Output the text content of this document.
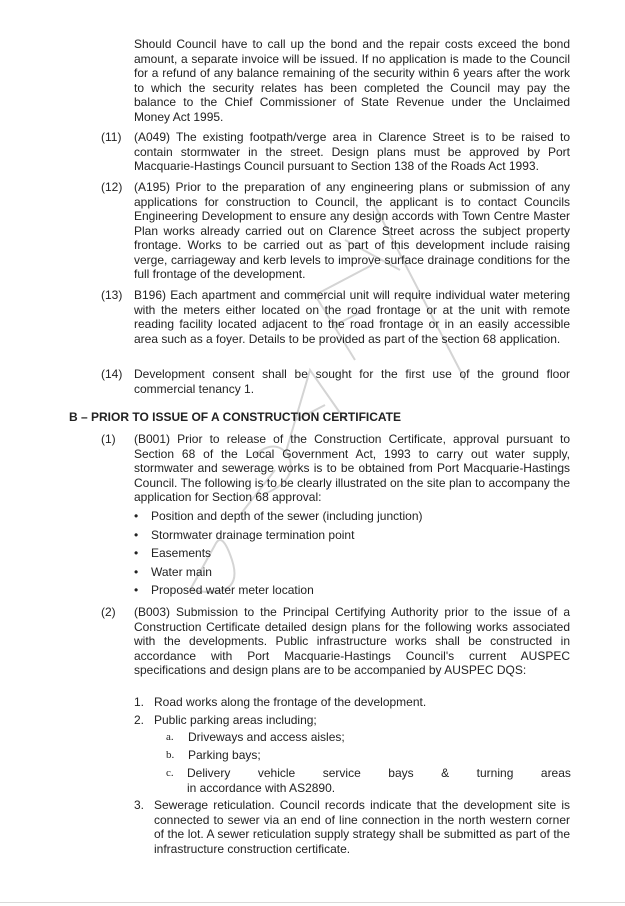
Should Council have to call up the bond and the repair costs exceed the bond amount, a separate invoice will be issued. If no application is made to the Council for a refund of any balance remaining of the security within 6 years after the work to which the security relates has been completed the Council may pay the balance to the Chief Commissioner of State Revenue under the Unclaimed Money Act 1995.
(11) (A049) The existing footpath/verge area in Clarence Street is to be raised to contain stormwater in the street. Design plans must be approved by Port Macquarie-Hastings Council pursuant to Section 138 of the Roads Act 1993.
(12) (A195) Prior to the preparation of any engineering plans or submission of any applications for construction to Council, the applicant is to contact Councils Engineering Development to ensure any design accords with Town Centre Master Plan works already carried out on Clarence Street across the subject property frontage. Works to be carried out as part of this development include raising verge, carriageway and kerb levels to improve surface drainage conditions for the full frontage of the development.
(13) B196) Each apartment and commercial unit will require individual water metering with the meters either located on the road frontage or at the unit with remote reading facility located adjacent to the road frontage or in an easily accessible area such as a foyer. Details to be provided as part of the section 68 application.
(14) Development consent shall be sought for the first use of the ground floor commercial tenancy 1.
B – PRIOR TO ISSUE OF A CONSTRUCTION CERTIFICATE
(1) (B001) Prior to release of the Construction Certificate, approval pursuant to Section 68 of the Local Government Act, 1993 to carry out water supply, stormwater and sewerage works is to be obtained from Port Macquarie-Hastings Council. The following is to be clearly illustrated on the site plan to accompany the application for Section 68 approval:
• Position and depth of the sewer (including junction)
• Stormwater drainage termination point
• Easements
• Water main
• Proposed water meter location
(2) (B003) Submission to the Principal Certifying Authority prior to the issue of a Construction Certificate detailed design plans for the following works associated with the developments. Public infrastructure works shall be constructed in accordance with Port Macquarie-Hastings Council's current AUSPEC specifications and design plans are to be accompanied by AUSPEC DQS:
1. Road works along the frontage of the development.
2. Public parking areas including;
a. Driveways and access aisles;
b. Parking bays;
c. Delivery vehicle service bays & turning areas
in accordance with AS2890.
3. Sewerage reticulation. Council records indicate that the development site is connected to sewer via an end of line connection in the north western corner of the lot. A sewer reticulation supply strategy shall be submitted as part of the infrastructure construction certificate.
